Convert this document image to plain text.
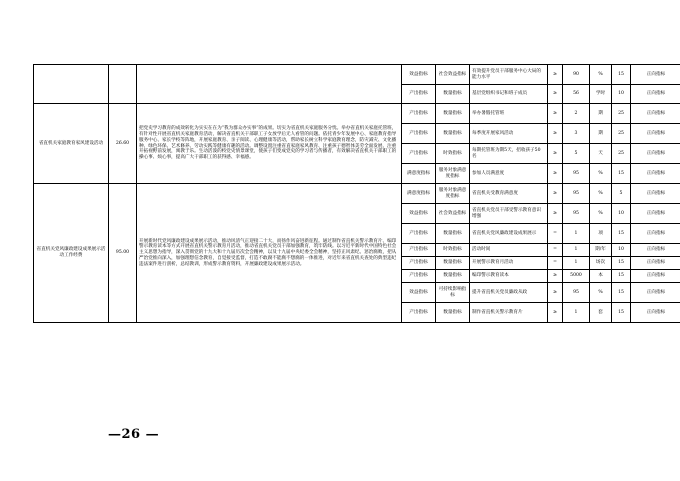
			效益指标	社会效益指标	有效提升党员干部服务中心大局的能力水平	≥	90	%	15	正向指标
			产出指标	数量指标	基层党组织书记和班子成员	≥	56	学时	10	正向指标
省直机关家庭教育家风建设活动	26.60	把党史学习教育的成效转化为实实在在为“我为群众办实事”的成果。切实为省直机关家庭服务分忧。举办省直机关家庭托管班，有针对性开展省直机关家庭教育活动，解决省直机关干部职工子女放学后无人看管的问题。依托青少年发展中心、家庭教育指导服务中心、家长学校等阵地，开展家庭教育、亲子阅读、心理健康等活动，帮助家长树立科学家庭教育理念，防灾减灾、文化播种、绿色环保、艺术修养、劳动实践等健康有趣的活动。调整设置注重省直家庭家风教育、注重孩子德智体美劳全面发展、注重开拓视野前发展，寓教于乐。生动活泼的校党史情景课堂，使孩子们变成党史的学习者与传播者，有效解决省直机关干部职工的操心事、烦心事，提高广大干部职工的获得感、幸福感。	产出指标	数量指标	举办暑假托管班	≥	2	期	25	正向指标
			产出指标	数量指标	每季度开展家风活动	≥	3	期	25	正向指标
			产出指标	时效指标	每期托管班为期5天，招收孩子50名	≥	5	天	25	正向指标
			满意度指标	服务对象满意度指标	参加人员满意度	≥	95	%	15	正向指标
省直机关党风廉政建设成果展示活动工作经费	95.00	开展新时代党风廉政建设成果展示活动，推动风清气正迎接二十大，而扬作风奋进新征程。通过制作省直机关警示教育片、编印警示教育读本等方式开展省直机关警示教育月活动，推动省直机关党员干部加强教育，筑牢防线。以习近平新时代中国特色社会主义思想为指导，深入贯彻党的十九大和十九届历次全会精神，以及十九届中央纪委全会精神，坚持正风肃纪、惩治腐败，把从严治党推向深入，加强理想信念教育，自觉接受监督，打造不敢腐不能腐不想腐的一体推进，对近年来省直机关查处的典型违纪违法案件进行剖析，总结教训，形成警示教育资料，开展廉政建设成果展示活动。	满意度指标	服务对象满意度指标	省直机关受教育满意度	≥	95	%	5	正向指标
			效益指标	社会效益指标	省直机关党员干部受警示教育意识增强	≥	95	%	10	正向指标
			产出指标	数量指标	省直机关党风廉政建设成果展示	=	1	项	15	正向指标
			产出指标	时效指标	活动时间	=	1	期/年	10	正向指标
			产出指标	数量指标	开展警示教育月活动	=	1	场次	15	正向指标
			产出指标	数量指标	编印警示教育读本	≥	5000	本	15	正向指标
			效益指标	可持续影响指标	提升省直机关党员廉政从政	≥	95	%	15	正向指标
			产出指标	数量指标	制作省直机关警示教育片	≥	1	套	15	正向指标
—26 —
